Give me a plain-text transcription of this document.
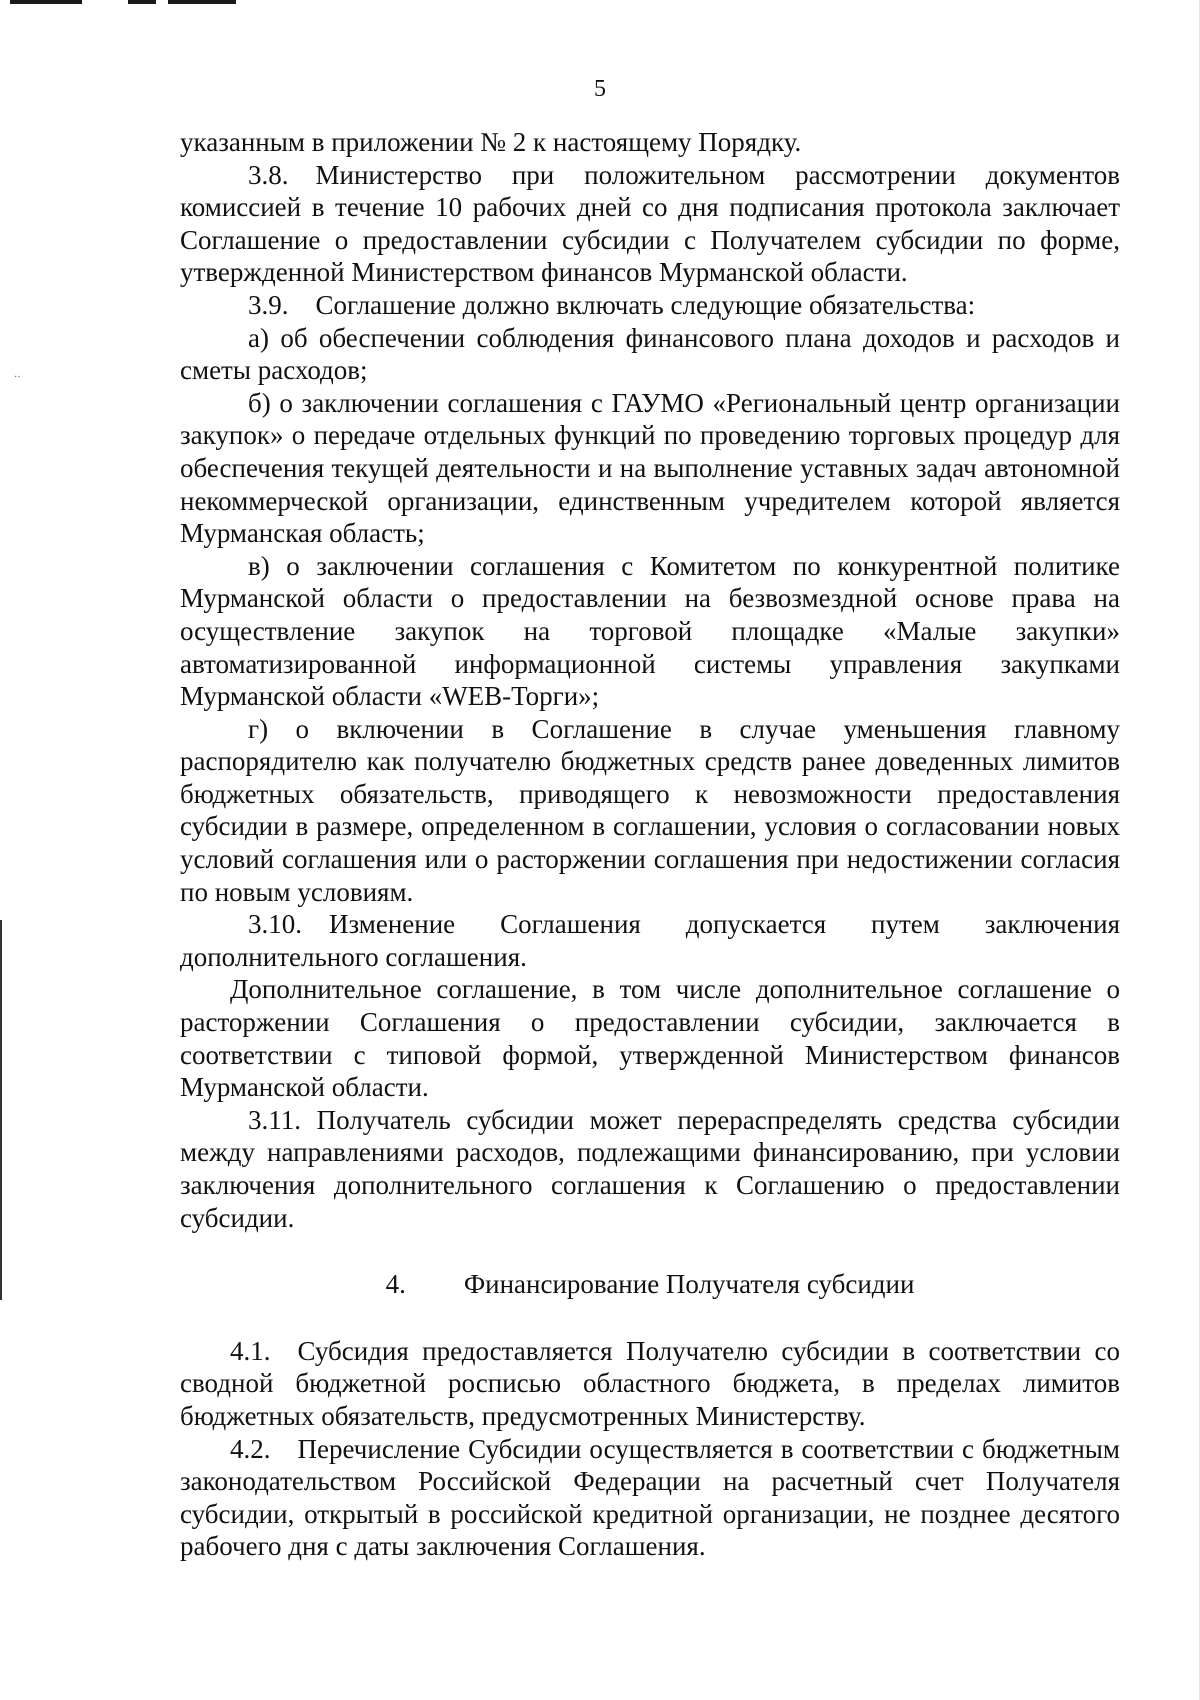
··
5

указанным в приложении № 2 к настоящему Порядку.

3.8. Министерство при положительном рассмотрении документов комиссией в течение 10 рабочих дней со дня подписания протокола заключает Соглашение о предоставлении субсидии с Получателем субсидии по форме, утвержденной Министерством финансов Мурманской области.

3.9. Соглашение должно включать следующие обязательства:

а) об обеспечении соблюдения финансового плана доходов и расходов и сметы расходов;

б) о заключении соглашения с ГАУМО «Региональный центр организации закупок» о передаче отдельных функций по проведению торговых процедур для обеспечения текущей деятельности и на выполнение уставных задач автономной некоммерческой организации, единственным учредителем которой является Мурманская область;

в) о заключении соглашения с Комитетом по конкурентной политике Мурманской области о предоставлении на безвозмездной основе права на осуществление закупок на торговой площадке «Малые закупки» автоматизированной информационной системы управления закупками Мурманской области «WEB-Торги»;

г) о включении в Соглашение в случае уменьшения главному распорядителю как получателю бюджетных средств ранее доведенных лимитов бюджетных обязательств, приводящего к невозможности предоставления субсидии в размере, определенном в соглашении, условия о согласовании новых условий соглашения или о расторжении соглашения при недостижении согласия по новым условиям.

3.10. Изменение Соглашения допускается путем заключения дополнительного соглашения.

Дополнительное соглашение, в том числе дополнительное соглашение о расторжении Соглашения о предоставлении субсидии, заключается в соответствии с типовой формой, утвержденной Министерством финансов Мурманской области.

3.11. Получатель субсидии может перераспределять средства субсидии между направлениями расходов, подлежащими финансированию, при условии заключения дополнительного соглашения к Соглашению о предоставлении субсидии.

4. Финансирование Получателя субсидии

4.1. Субсидия предоставляется Получателю субсидии в соответствии со сводной бюджетной росписью областного бюджета, в пределах лимитов бюджетных обязательств, предусмотренных Министерству.

4.2. Перечисление Субсидии осуществляется в соответствии с бюджетным законодательством Российской Федерации на расчетный счет Получателя субсидии, открытый в российской кредитной организации, не позднее десятого рабочего дня с даты заключения Соглашения.
